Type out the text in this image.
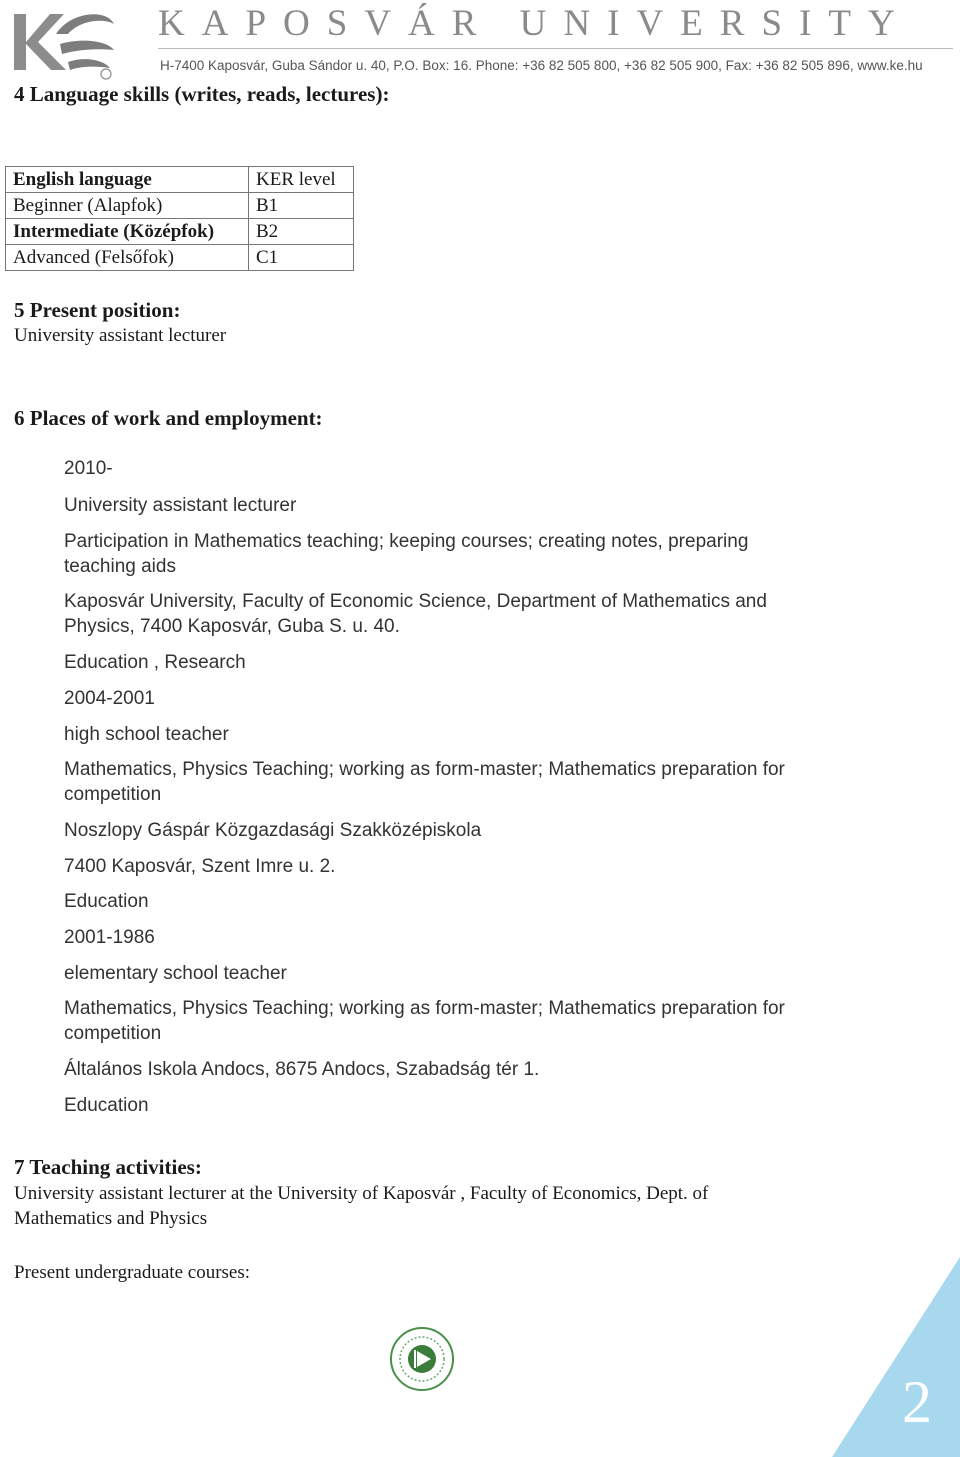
KAPOSVÁR UNIVERSITY
H-7400 Kaposvár, Guba Sándor u. 40, P.O. Box: 16. Phone: +36 82 505 800, +36 82 505 900, Fax: +36 82 505 896, www.ke.hu
4 Language skills (writes, reads, lectures):
English language	KER level
Beginner (Alapfok)	B1
Intermediate (Középfok)	B2
Advanced (Felsőfok)	C1
5 Present position:
University assistant lecturer
6 Places of work and employment:
2010-
University assistant lecturer
Participation in Mathematics teaching; keeping courses; creating notes, preparing
teaching aids
Kaposvár University, Faculty of Economic Science, Department of Mathematics and
Physics, 7400 Kaposvár, Guba S. u. 40.
Education , Research
2004-2001
high school teacher
Mathematics, Physics Teaching; working as form-master; Mathematics preparation for
competition
Noszlopy Gáspár Közgazdasági Szakközépiskola
7400 Kaposvár, Szent Imre u. 2.
Education
2001-1986
elementary school teacher
Mathematics, Physics Teaching; working as form-master; Mathematics preparation for
competition
Általános Iskola Andocs, 8675 Andocs, Szabadság tér 1.
Education
7 Teaching activities:
University assistant lecturer at the University of Kaposvár , Faculty of Economics, Dept. of
Mathematics and Physics
Present undergraduate courses:
2
